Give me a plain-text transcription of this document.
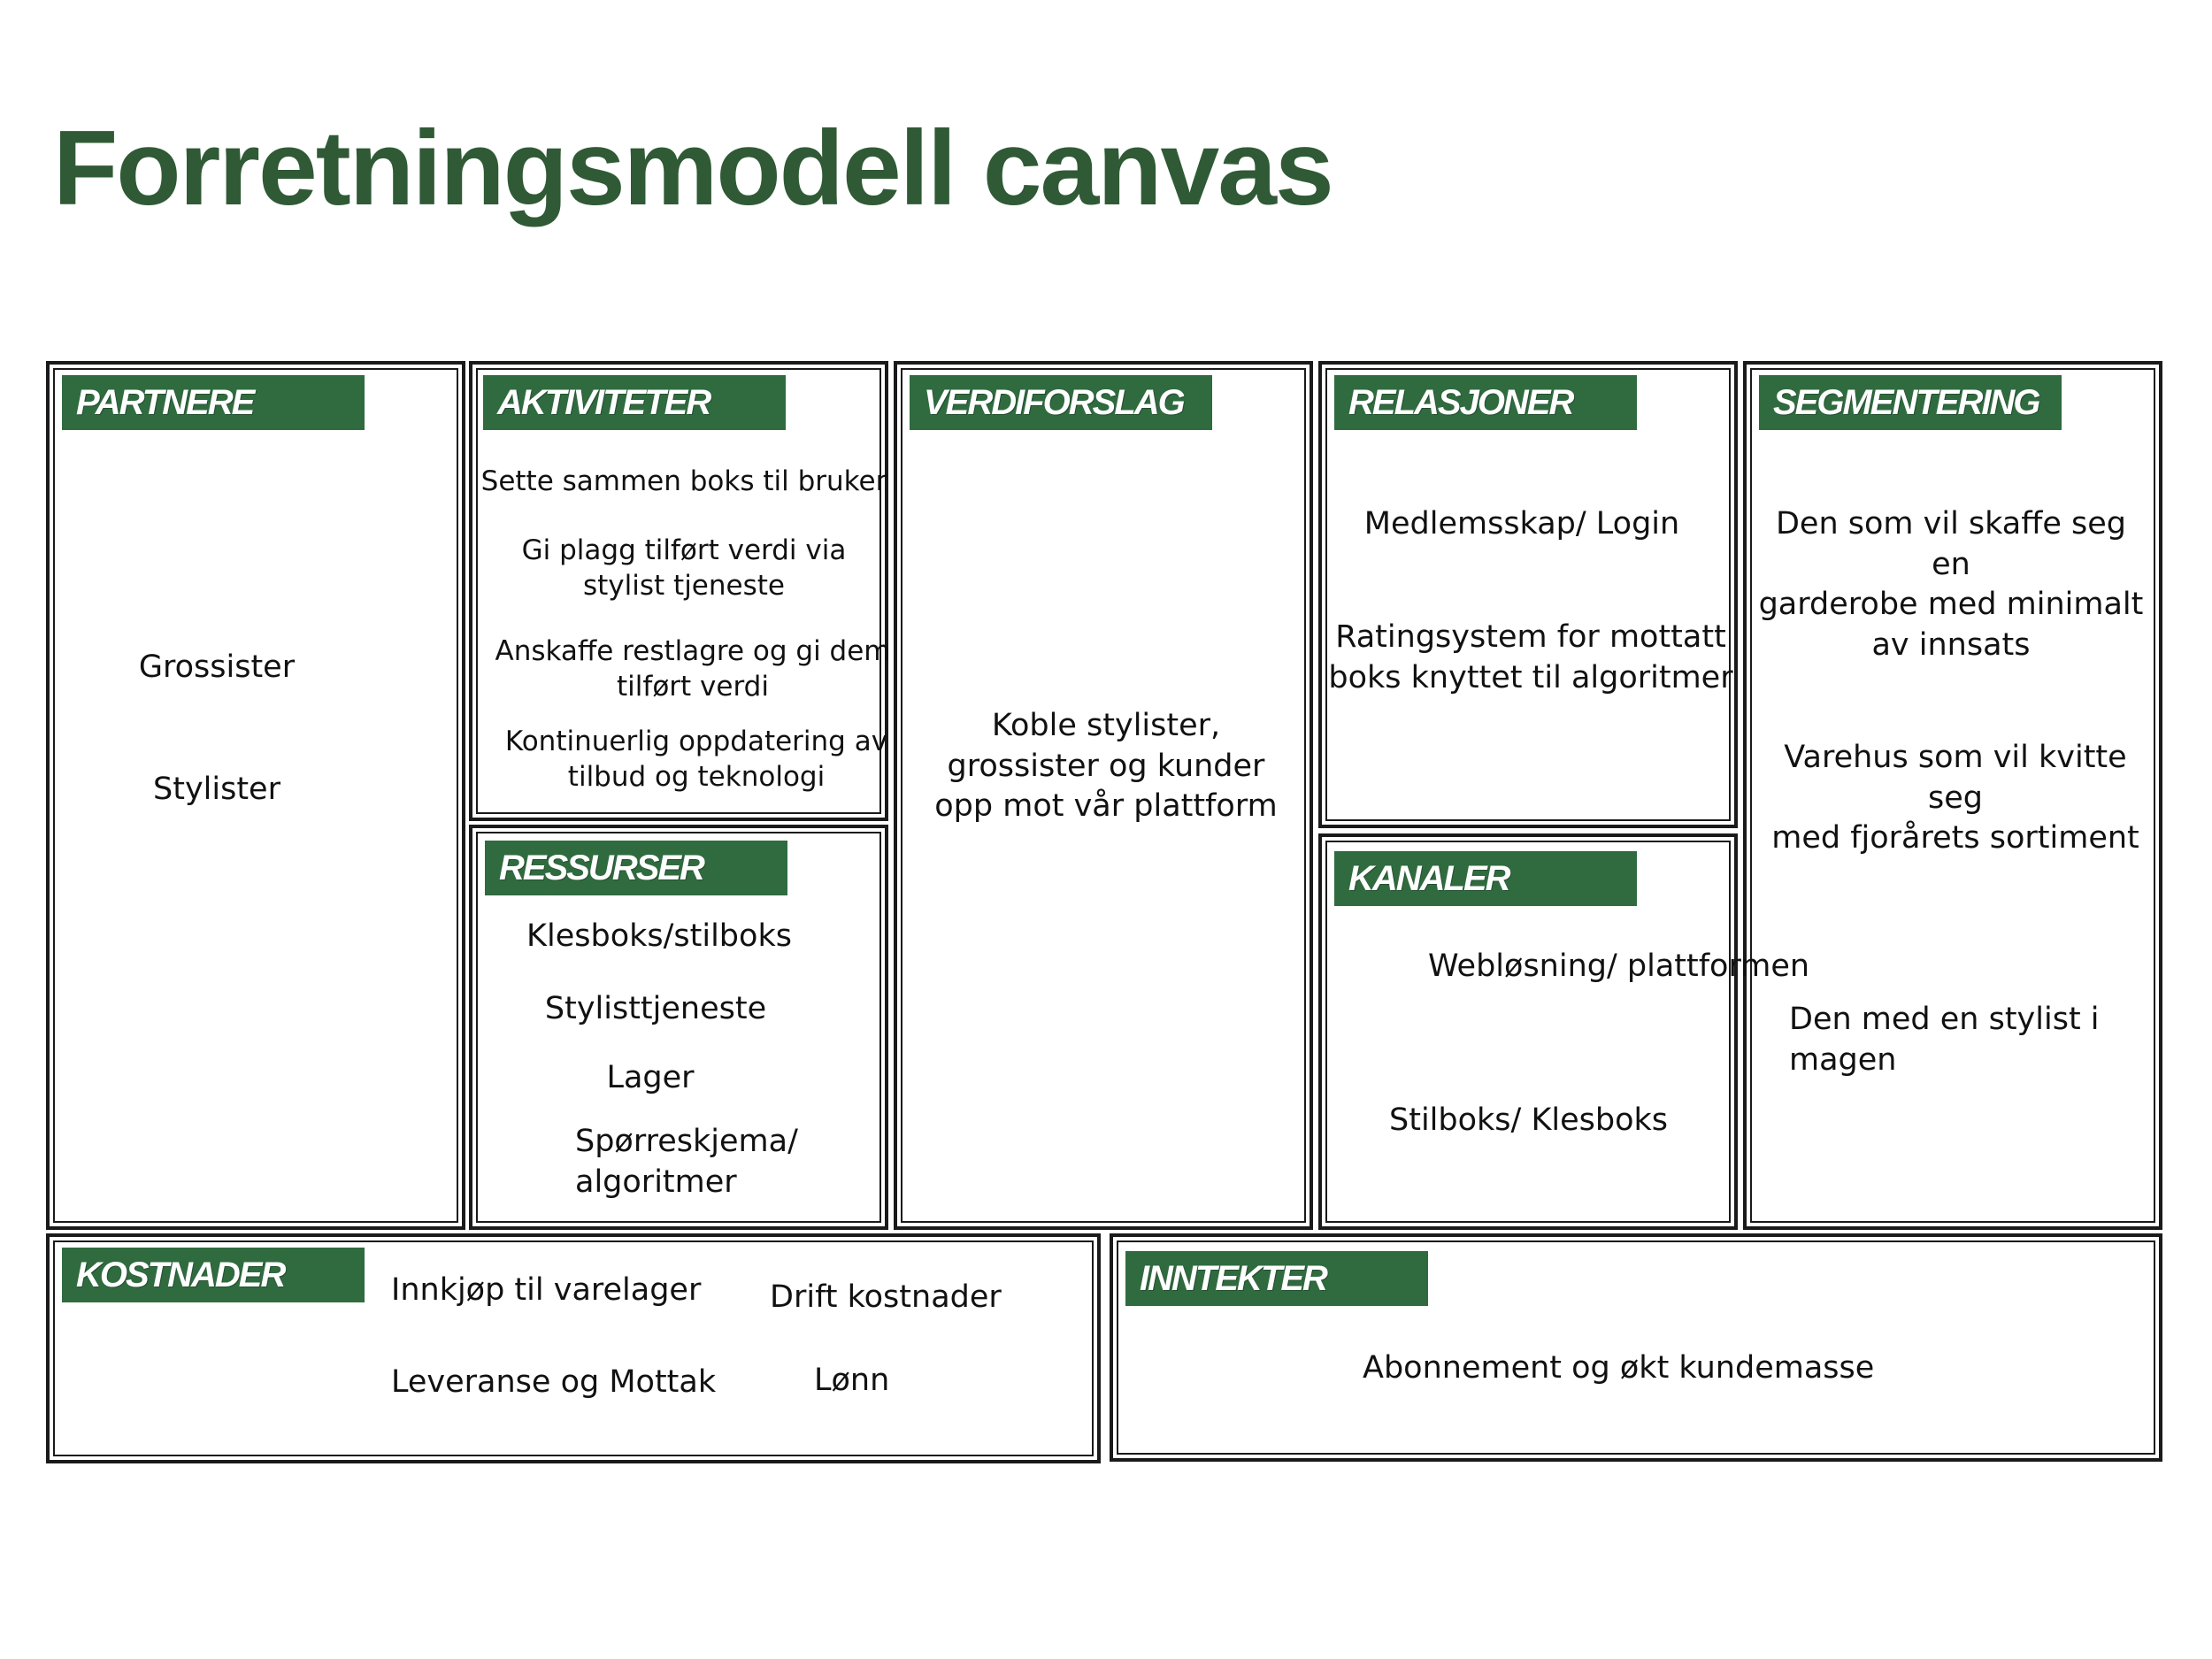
Forretningsmodell canvas
PARTNERE	AKTIVITETER
RESSURSER
VERDIFORSLAG	RELASJONER
KANALER
SEGMENTERING
KOSTNADER	INNTEKTER
Grossister
Stylister
Sette sammen boks til bruker
Gi plagg tilført verdi via
stylist tjeneste
Anskaffe restlagre og gi dem
tilført verdi
Kontinuerlig oppdatering av
tilbud og teknologi
Klesboks/stilboks
Stylisttjeneste
Lager
Spørreskjema/
algoritmer
Koble stylister,
grossister og kunder
opp mot vår plattform
Medlemsskap/ Login
Ratingsystem for mottatt
boks knyttet til algoritmer
Webløsning/ plattformen
Stilboks/ Klesboks
Den som vil skaffe seg en
garderobe med minimalt
av innsats
Varehus som vil kvitte seg
med fjorårets sortiment
Den med en stylist i
magen
Innkjøp til varelager Drift kostnader
Leveranse og Mottak	Lønn	Abonnement og økt kundemasse
